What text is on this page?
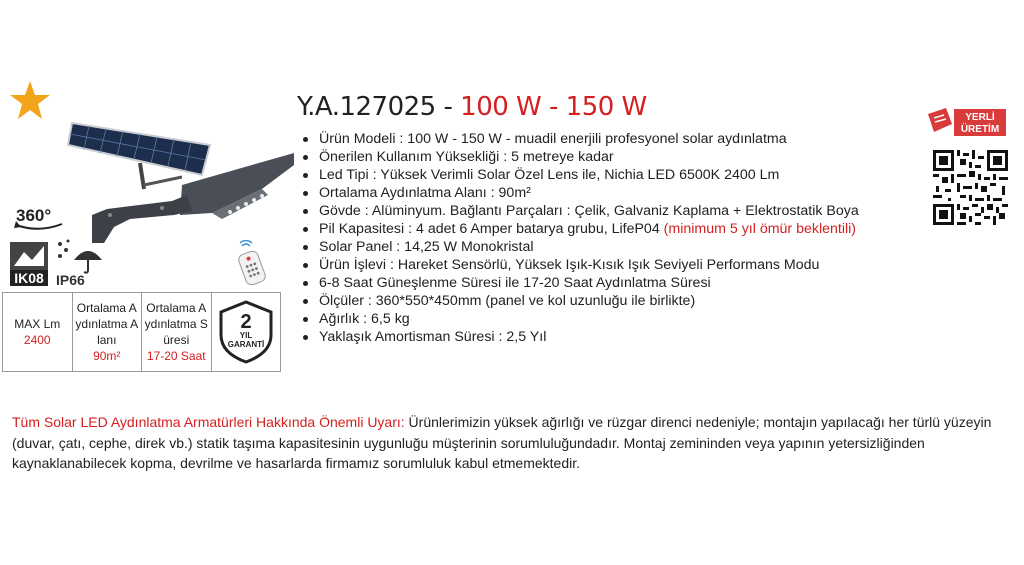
360°
IK08 IP66
MAX Lm
2400
Ortalama Aydınlatma Alanı
90m²
Ortalama Aydınlatma Süresi
17-20 Saat
2
YIL
GARANTİ
Y.A.127025 - 100 W - 150 W
Ürün Modeli : 100 W - 150 W - muadil enerjili profesyonel solar aydınlatma
Önerilen Kullanım Yüksekliği : 5 metreye kadar
Led Tipi : Yüksek Verimli Solar Özel Lens ile, Nichia LED 6500K 2400 Lm
Ortalama Aydınlatma Alanı : 90m²
Gövde : Alüminyum. Bağlantı Parçaları : Çelik, Galvaniz Kaplama + Elektrostatik Boya
Pil Kapasitesi : 4 adet 6 Amper batarya grubu, LifeP04 (minimum 5 yıl ömür beklentili)
Solar Panel : 14,25 W Monokristal
Ürün İşlevi : Hareket Sensörlü, Yüksek Işık-Kısık Işık Seviyeli Performans Modu
6-8 Saat Güneşlenme Süresi ile 17-20 Saat Aydınlatma Süresi
Ölçüler : 360*550*450mm (panel ve kol uzunluğu ile birlikte)
Ağırlık : 6,5 kg
Yaklaşık Amortisman Süresi : 2,5 Yıl
YERLİ
ÜRETİM

Tüm Solar LED Aydınlatma Armatürleri Hakkında Önemli Uyarı: Ürünlerimizin yüksek ağırlığı ve rüzgar direnci nedeniyle; montajın yapılacağı her türlü yüzeyin (duvar, çatı, cephe, direk vb.) statik taşıma kapasitesinin uygunluğu müşterinin sorumluluğundadır. Montaj zemininden veya yapının yetersizliğinden kaynaklanabilecek kopma, devrilme ve hasarlarda firmamız sorumluluk kabul etmemektedir.
